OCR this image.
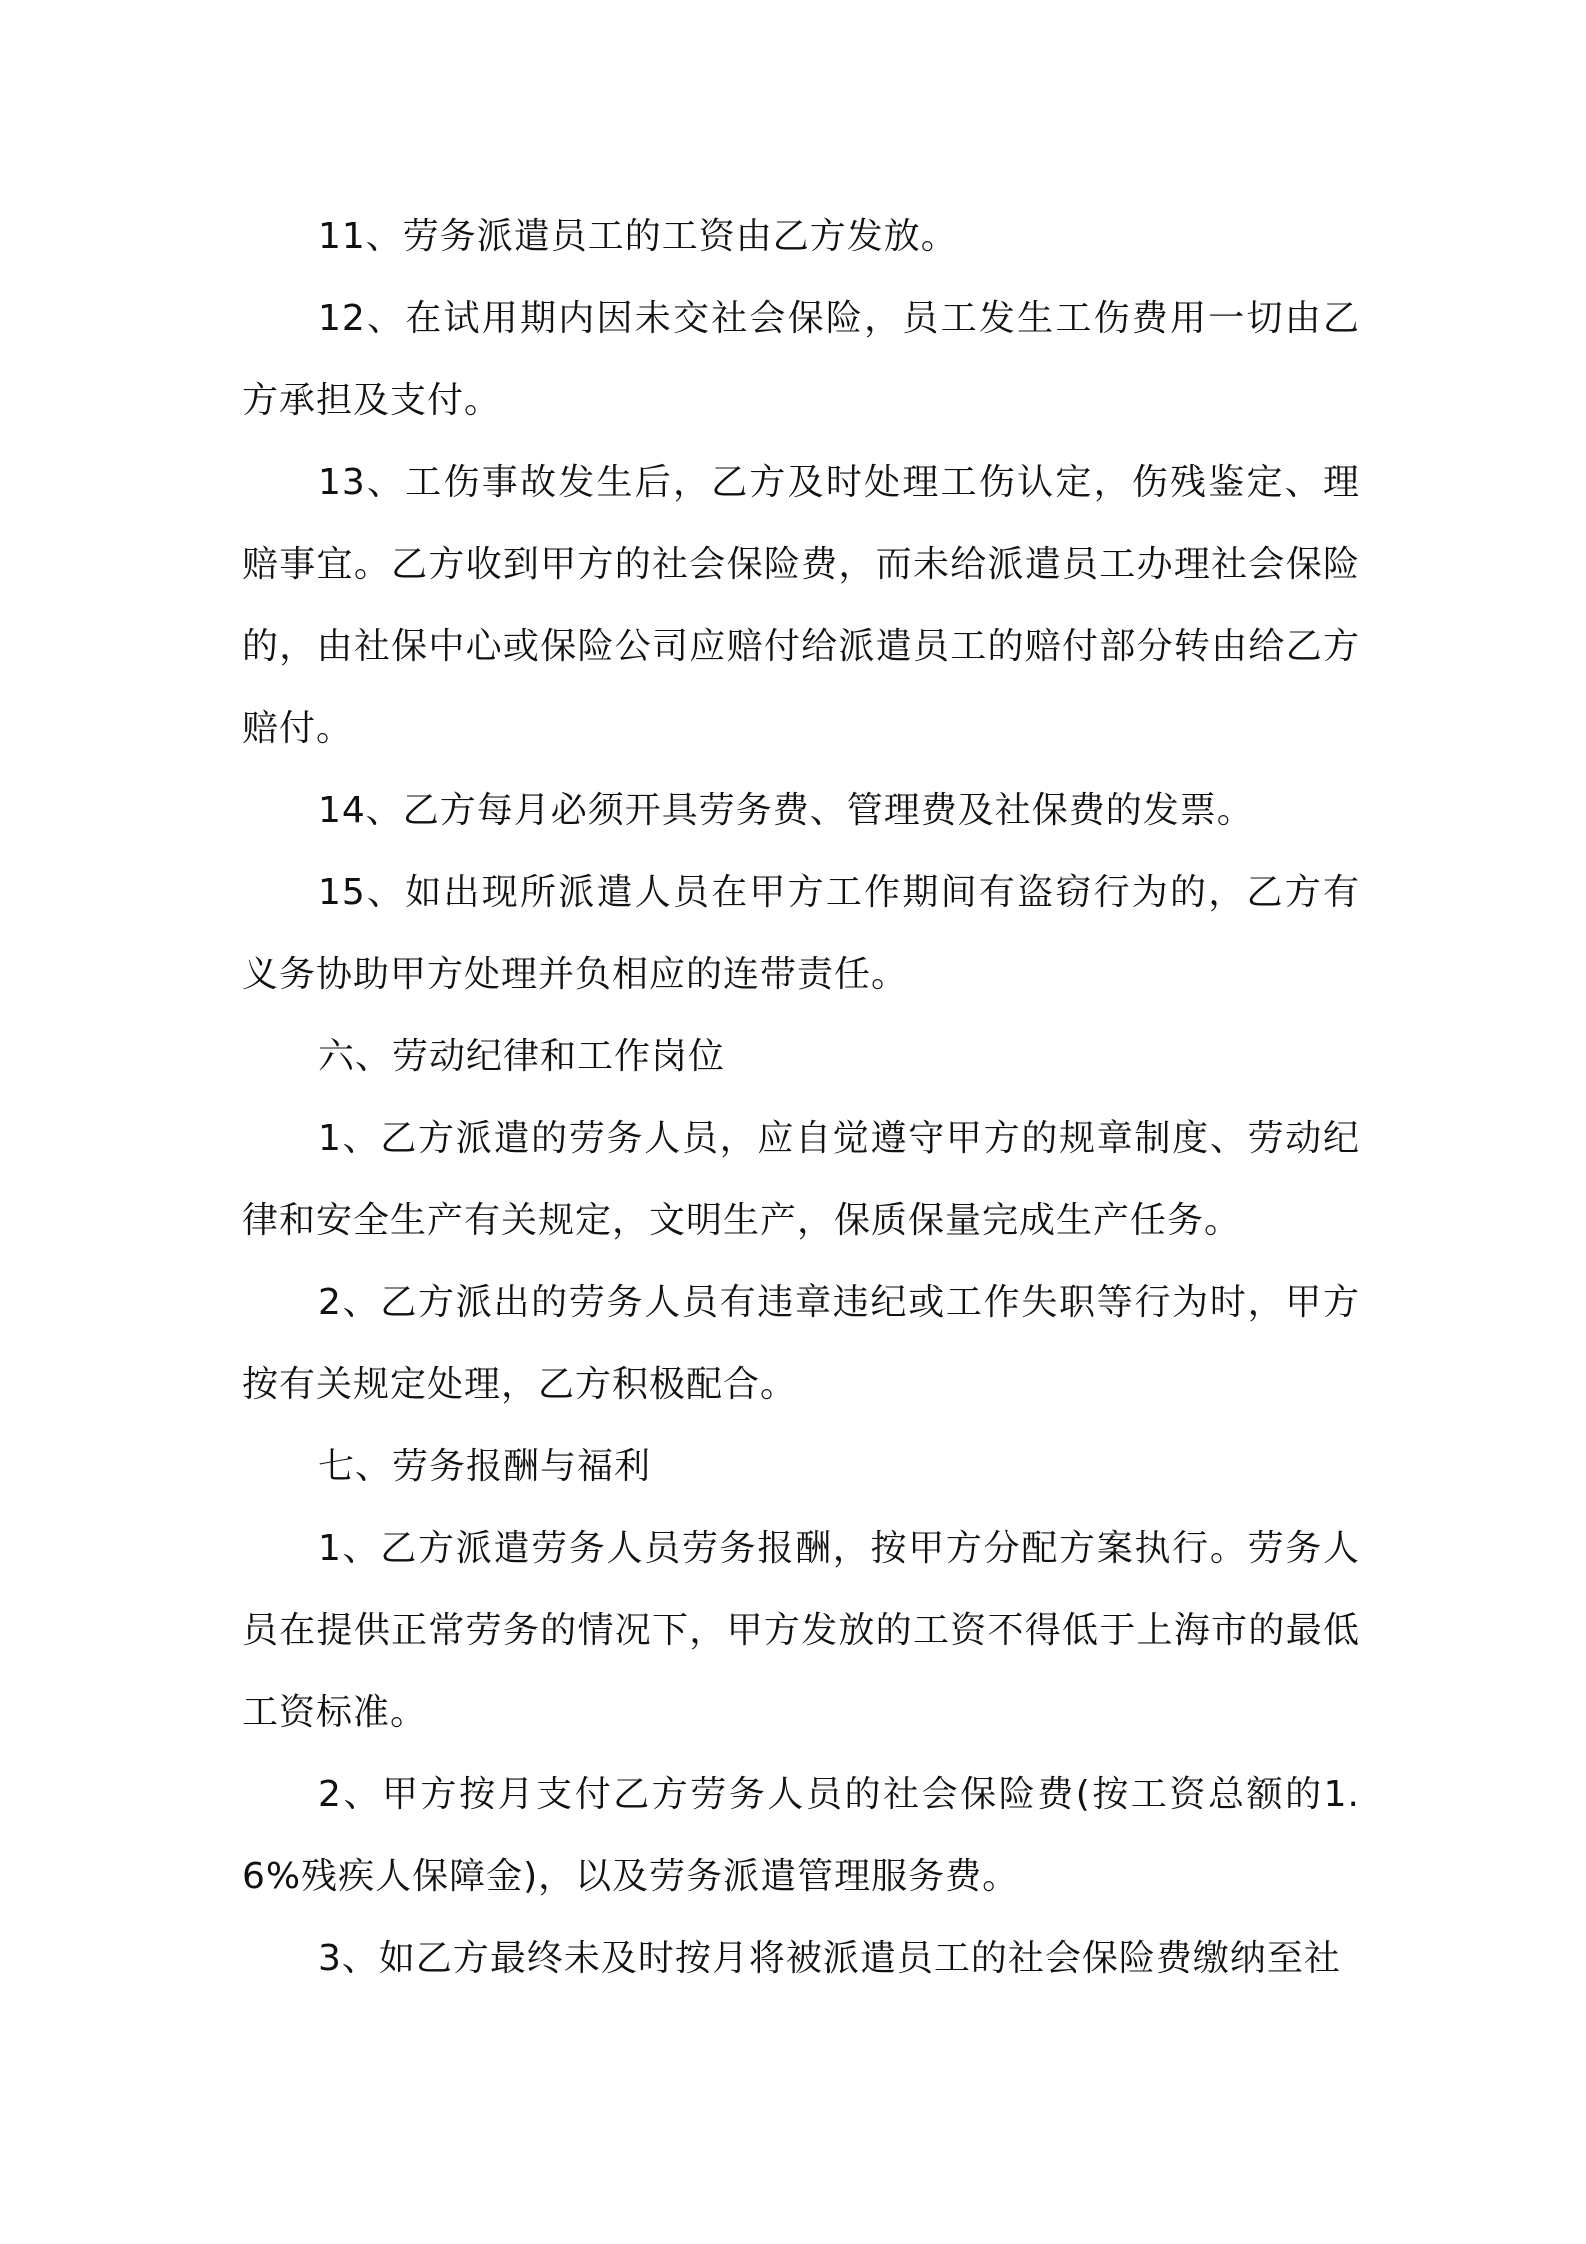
11、劳务派遣员工的工资由乙方发放。

12、在试用期内因未交社会保险，员工发生工伤费用一切由乙方承担及支付。

13、工伤事故发生后，乙方及时处理工伤认定，伤残鉴定、理赔事宜。乙方收到甲方的社会保险费，而未给派遣员工办理社会保险的，由社保中心或保险公司应赔付给派遣员工的赔付部分转由给乙方赔付。

14、乙方每月必须开具劳务费、管理费及社保费的发票。

15、如出现所派遣人员在甲方工作期间有盗窃行为的，乙方有义务协助甲方处理并负相应的连带责任。

六、劳动纪律和工作岗位

1、乙方派遣的劳务人员，应自觉遵守甲方的规章制度、劳动纪律和安全生产有关规定，文明生产，保质保量完成生产任务。

2、乙方派出的劳务人员有违章违纪或工作失职等行为时，甲方按有关规定处理，乙方积极配合。

七、劳务报酬与福利

1、乙方派遣劳务人员劳务报酬，按甲方分配方案执行。劳务人员在提供正常劳务的情况下，甲方发放的工资不得低于上海市的最低工资标准。

2、甲方按月支付乙方劳务人员的社会保险费(按工资总额的1.6%残疾人保障金)，以及劳务派遣管理服务费。

3、如乙方最终未及时按月将被派遣员工的社会保险费缴纳至社
